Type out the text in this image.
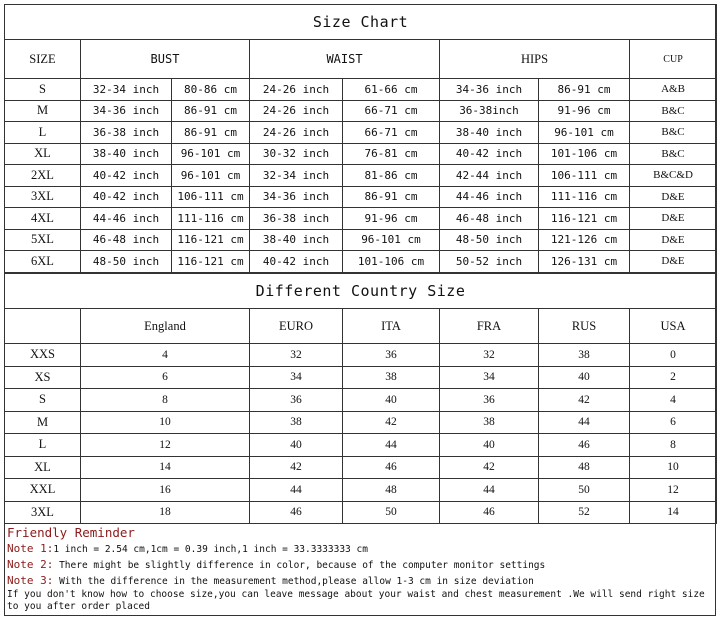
Size Chart							
SIZE	BUST		WAIST		HIPS		CUP
S	32-34 inch	80-86 cm	24-26 inch	61-66 cm	34-36 inch	86-91 cm	A&B
M	34-36 inch	86-91 cm	24-26 inch	66-71 cm	36-38inch	91-96 cm	B&C
L	36-38 inch	86-91 cm	24-26 inch	66-71 cm	38-40 inch	96-101 cm	B&C
XL	38-40 inch	96-101 cm	30-32 inch	76-81 cm	40-42 inch	101-106 cm	B&C
2XL	40-42 inch	96-101 cm	32-34 inch	81-86 cm	42-44 inch	106-111 cm	B&C&D
3XL	40-42 inch	106-111 cm	34-36 inch	86-91 cm	44-46 inch	111-116 cm	D&E
4XL	44-46 inch	111-116 cm	36-38 inch	91-96 cm	46-48 inch	116-121 cm	D&E
5XL	46-48 inch	116-121 cm	38-40 inch	96-101 cm	48-50 inch	121-126 cm	D&E
6XL	48-50 inch	116-121 cm	40-42 inch	101-106 cm	50-52 inch	126-131 cm	D&E
Different Country Size						
	England	EURO	ITA	FRA	RUS	USA
XXS	4	32	36	32	38	0
XS	6	34	38	34	40	2
S	8	36	40	36	42	4
M	10	38	42	38	44	6
L	12	40	44	40	46	8
XL	14	42	46	42	48	10
XXL	16	44	48	44	50	12
3XL	18	46	50	46	52	14
Friendly Reminder
Note 1:1 inch = 2.54 cm,1cm = 0.39 inch,1 inch = 33.3333333 cm
Note 2: There might be slightly difference in color, because of the computer monitor settings
Note 3: With the difference in the measurement method,please allow 1-3 cm in size deviation
If you don't know how to choose size,you can leave message about your waist and chest measurement .We will send right size to you after order placed
